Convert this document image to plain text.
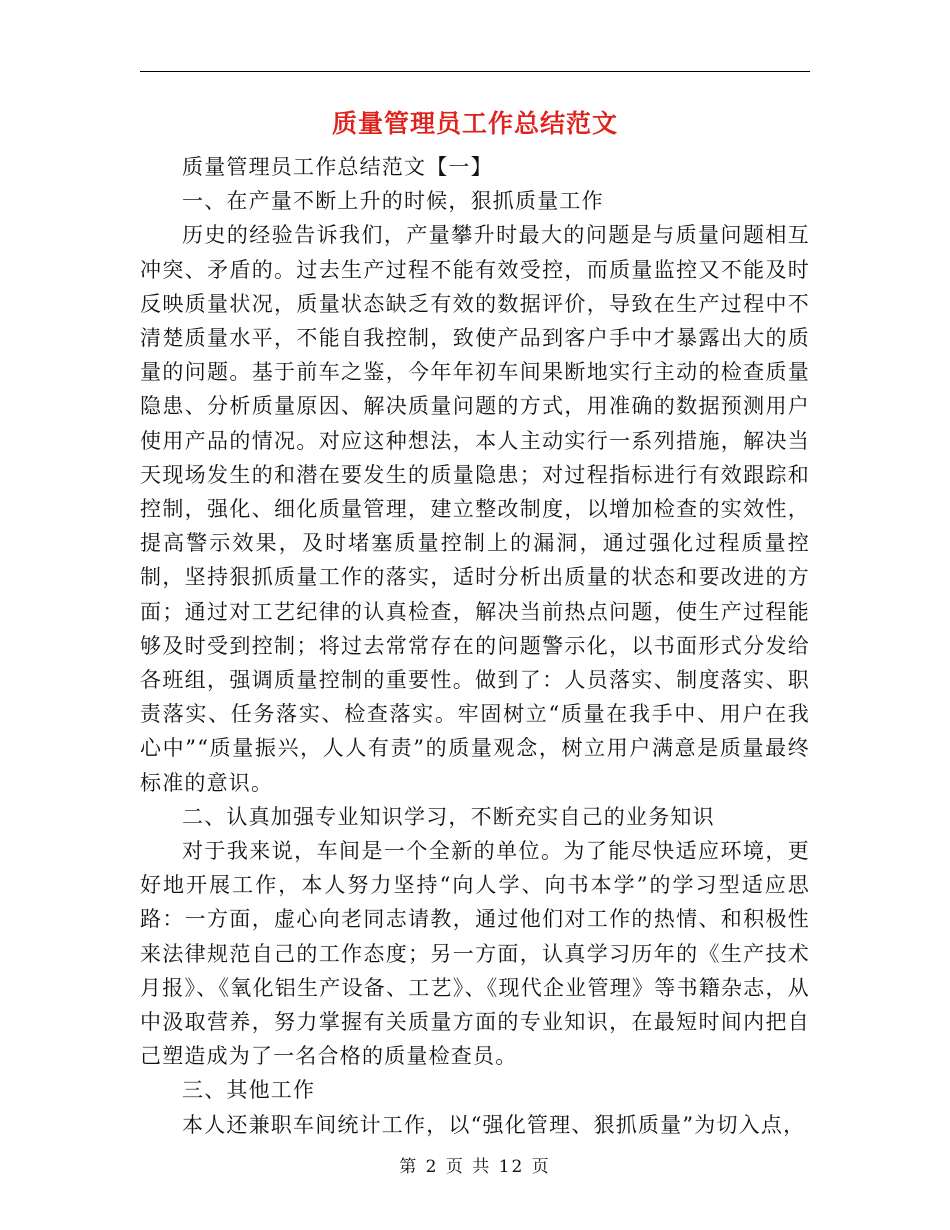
质量管理员工作总结范文

质量管理员工作总结范文【一】

一、在产量不断上升的时候，狠抓质量工作

历史的经验告诉我们，产量攀升时最大的问题是与质量问题相互冲突、矛盾的。过去生产过程不能有效受控，而质量监控又不能及时反映质量状况，质量状态缺乏有效的数据评价，导致在生产过程中不清楚质量水平，不能自我控制，致使产品到客户手中才暴露出大的质量的问题。基于前车之鉴，今年年初车间果断地实行主动的检查质量隐患、分析质量原因、解决质量问题的方式，用准确的数据预测用户使用产品的情况。对应这种想法，本人主动实行一系列措施，解决当天现场发生的和潜在要发生的质量隐患；对过程指标进行有效跟踪和控制，强化、细化质量管理，建立整改制度，以增加检查的实效性，提高警示效果，及时堵塞质量控制上的漏洞，通过强化过程质量控制，坚持狠抓质量工作的落实，适时分析出质量的状态和要改进的方面；通过对工艺纪律的认真检查，解决当前热点问题，使生产过程能够及时受到控制；将过去常常存在的问题警示化，以书面形式分发给各班组，强调质量控制的重要性。做到了：人员落实、制度落实、职责落实、任务落实、检查落实。牢固树立“质量在我手中、用户在我心中”“质量振兴，人人有责”的质量观念，树立用户满意是质量最终标准的意识。

二、认真加强专业知识学习，不断充实自己的业务知识

对于我来说，车间是一个全新的单位。为了能尽快适应环境，更好地开展工作，本人努力坚持“向人学、向书本学”的学习型适应思路：一方面，虚心向老同志请教，通过他们对工作的热情、和积极性来法律规范自己的工作态度；另一方面，认真学习历年的《生产技术月报》、《氧化铝生产设备、工艺》、《现代企业管理》等书籍杂志，从中汲取营养，努力掌握有关质量方面的专业知识，在最短时间内把自己塑造成为了一名合格的质量检查员。

三、其他工作

本人还兼职车间统计工作，以“强化管理、狠抓质量”为切入点，

第 2 页 共 12 页
